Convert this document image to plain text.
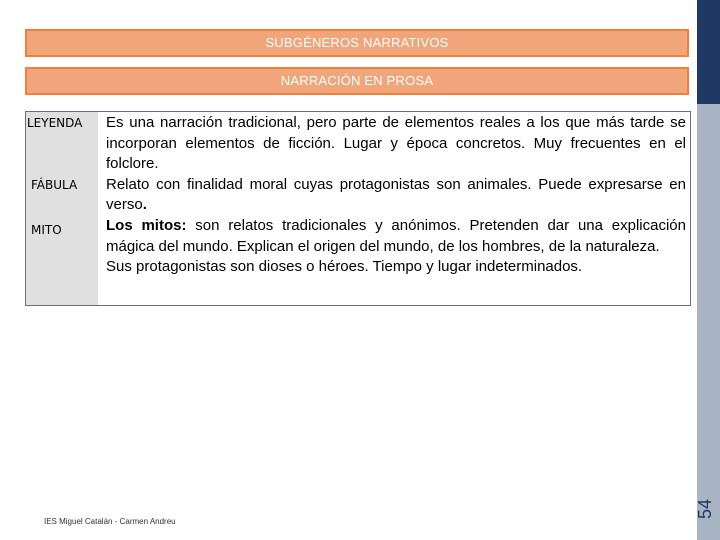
54
SUBGÉNEROS NARRATIVOS
NARRACIÓN EN PROSA
LEYENDA
FÁBULA
MITO

Es una narración tradicional, pero parte de elementos reales a los que más tarde se incorporan elementos de ficción. Lugar y época concretos. Muy frecuentes en el folclore.

Relato con finalidad moral cuyas protagonistas son animales. Puede expresarse en verso.

Los mitos: son relatos tradicionales y anónimos. Pretenden dar una explicación mágica del mundo. Explican el origen del mundo, de los hombres, de la naturaleza.

Sus protagonistas son dioses o héroes. Tiempo y lugar indeterminados.

IES Miguel Catalán - Carmen Andreu
